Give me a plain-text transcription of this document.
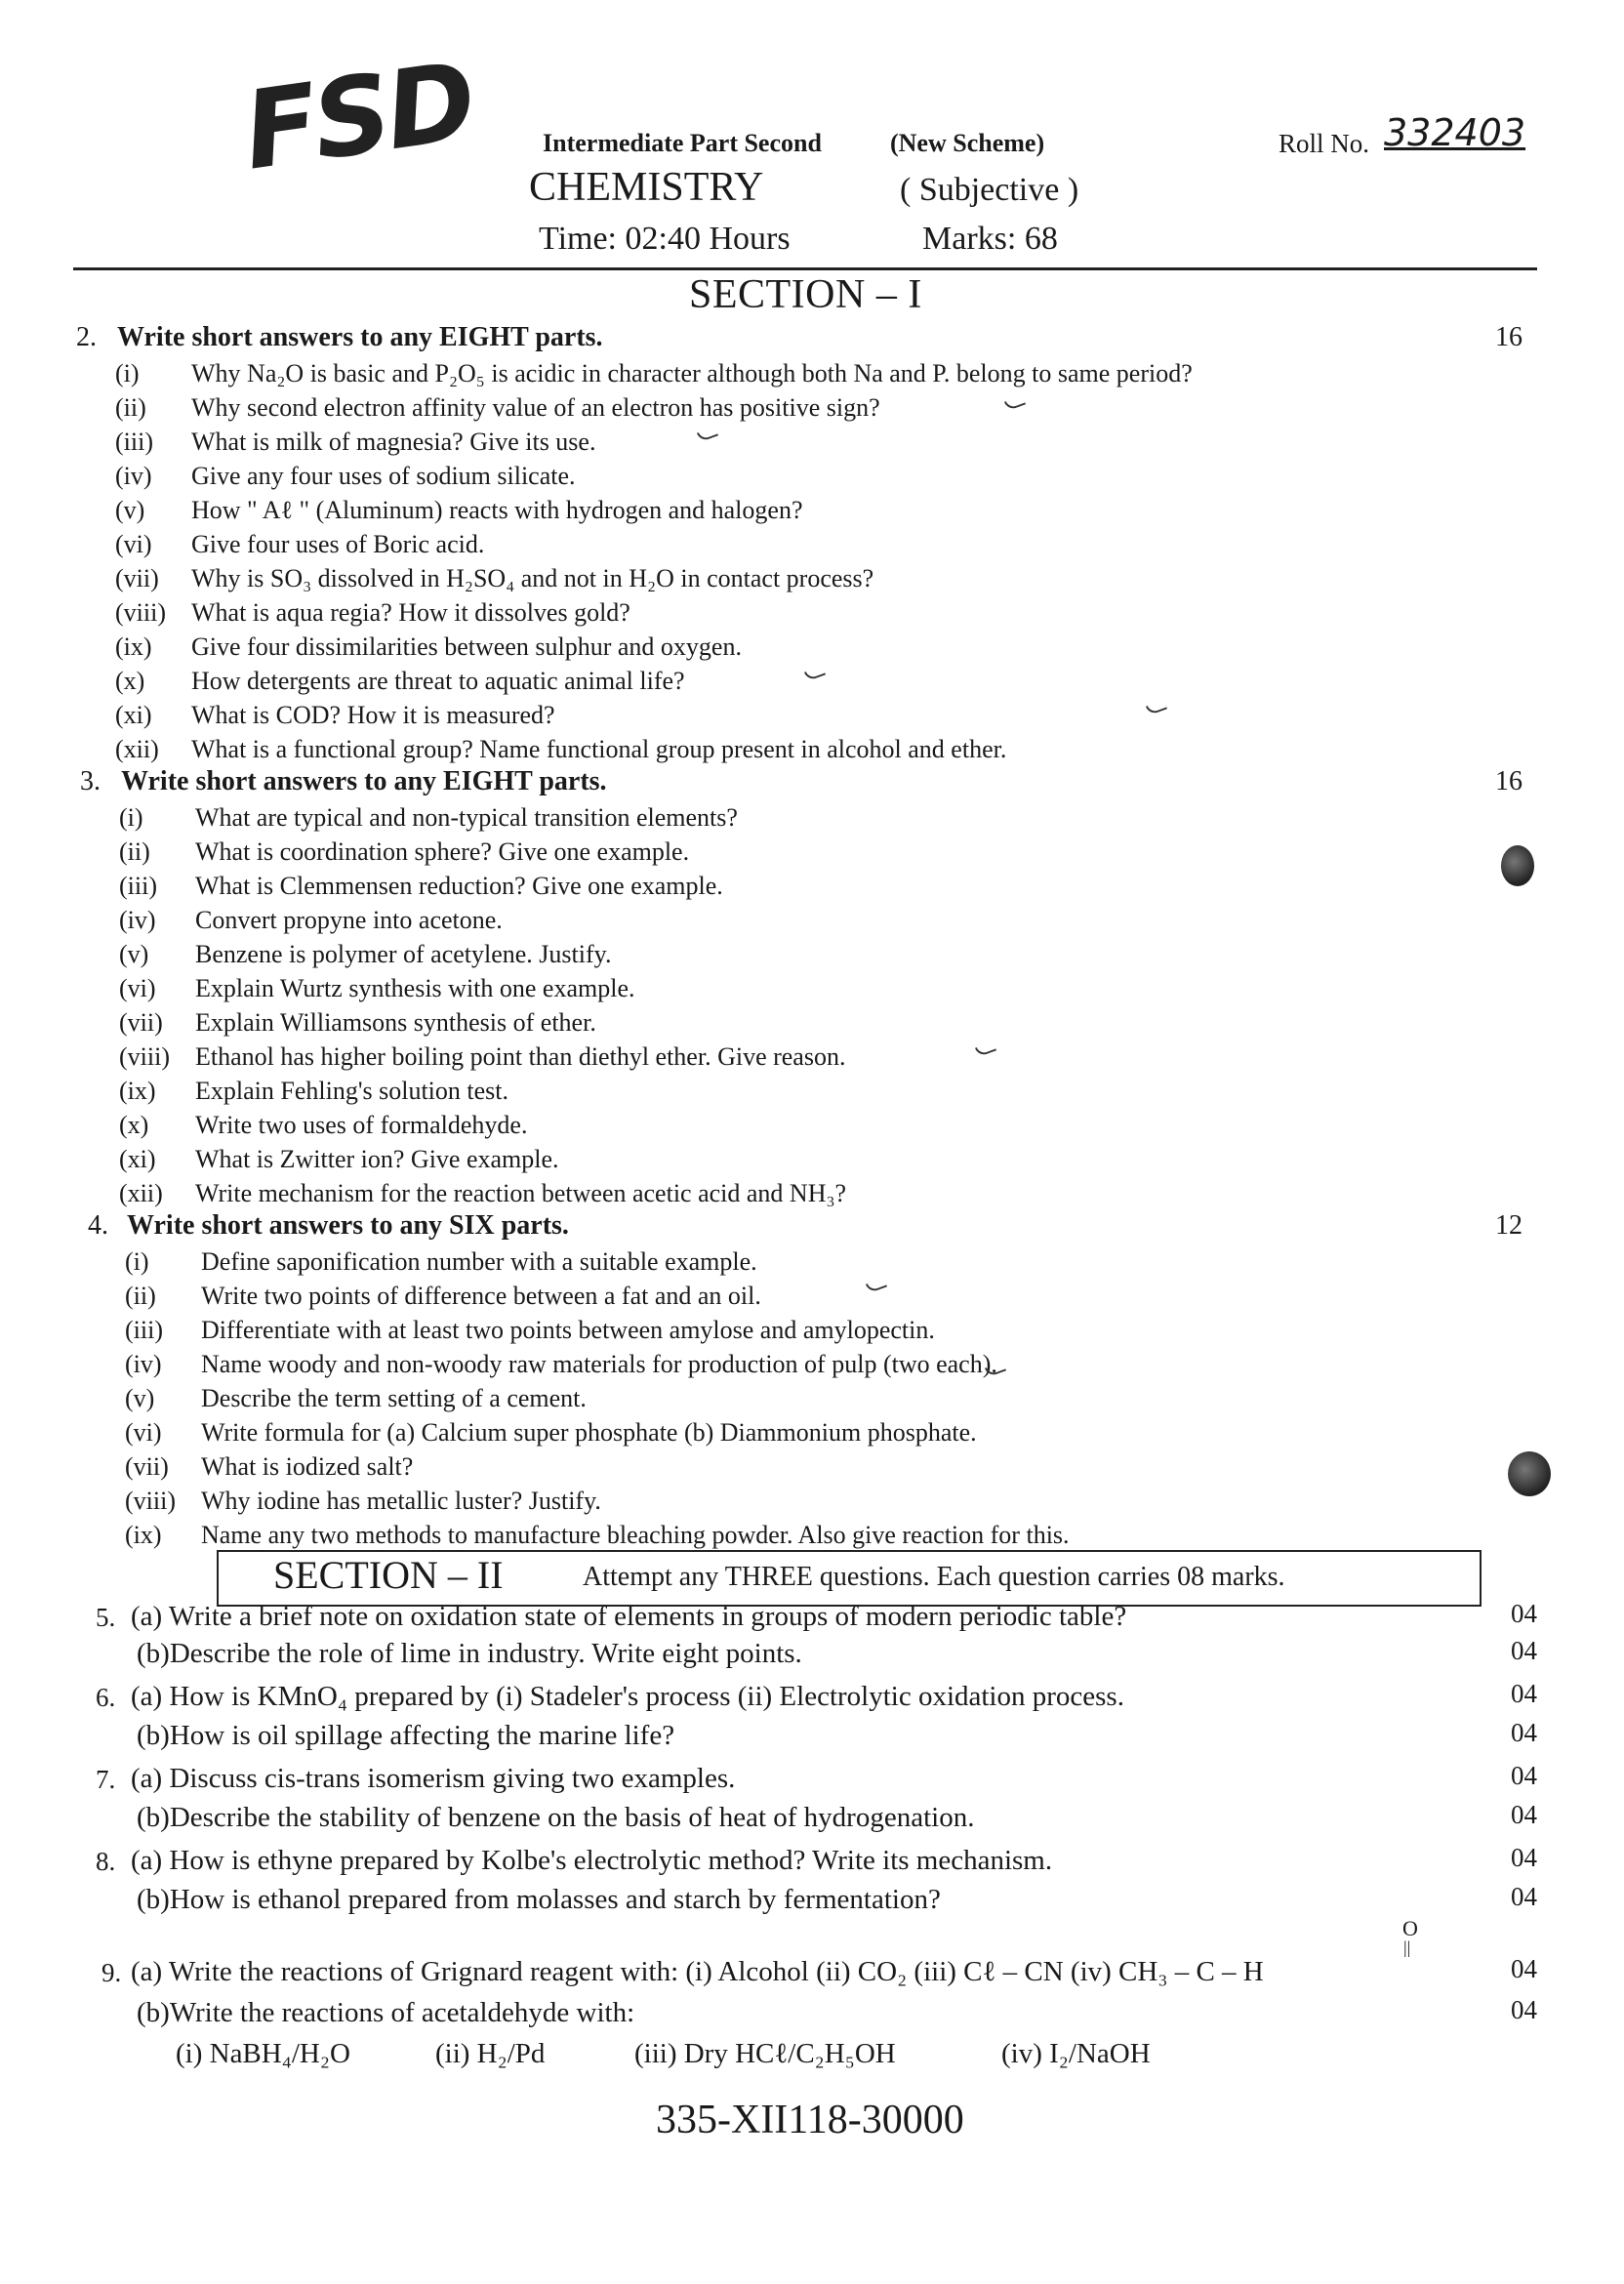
FSD Intermediate Part Second	(New Scheme)	Roll No. 332403
CHEMISTRY	( Subjective )
Time: 02:40 Hours	Marks: 68
SECTION – I
2. Write short answers to any EIGHT parts.	16
(i) Why Na₂O is basic and P₂O₅ is acidic in character although both Na and P. belong to same period?
(ii) Why second electron affinity value of an electron has positive sign?
(iii) What is milk of magnesia? Give its use.
(iv) Give any four uses of sodium silicate.
(v) How " Aℓ " (Aluminum) reacts with hydrogen and halogen?
(vi) Give four uses of Boric acid.
(vii) Why is SO₃ dissolved in H₂SO₄ and not in H₂O in contact process?
(viii) What is aqua regia? How it dissolves gold?
(ix) Give four dissimilarities between sulphur and oxygen.
(x) How detergents are threat to aquatic animal life?
(xi) What is COD? How it is measured?
(xii) What is a functional group? Name functional group present in alcohol and ether.
3. Write short answers to any EIGHT parts.	16
(i) What are typical and non-typical transition elements?
(ii) What is coordination sphere? Give one example.
(iii) What is Clemmensen reduction? Give one example.
(iv) Convert propyne into acetone.
(v) Benzene is polymer of acetylene. Justify.
(vi) Explain Wurtz synthesis with one example.
(vii) Explain Williamsons synthesis of ether.
(viii) Ethanol has higher boiling point than diethyl ether. Give reason.
(ix) Explain Fehling's solution test.
(x) Write two uses of formaldehyde.
(xi) What is Zwitter ion? Give example.
(xii) Write mechanism for the reaction between acetic acid and NH₃?
4. Write short answers to any SIX parts.	12
(i) Define saponification number with a suitable example.
(ii) Write two points of difference between a fat and an oil.
(iii) Differentiate with at least two points between amylose and amylopectin.
(iv) Name woody and non-woody raw materials for production of pulp (two each).
(v) Describe the term setting of a cement.
(vi) Write formula for (a) Calcium super phosphate (b) Diammonium phosphate.
(vii) What is iodized salt?
(viii) Why iodine has metallic luster? Justify.
(ix) Name any two methods to manufacture bleaching powder. Also give reaction for this.
SECTION – II	Attempt any THREE questions. Each question carries 08 marks.
5. (a) Write a brief note on oxidation state of elements in groups of modern periodic table?	04
(b)Describe the role of lime in industry. Write eight points.	04
6. (a) How is KMnO₄ prepared by (i) Stadeler's process (ii) Electrolytic oxidation process.	04
(b)How is oil spillage affecting the marine life?	04
7. (a) Discuss cis-trans isomerism giving two examples.	04
(b)Describe the stability of benzene on the basis of heat of hydrogenation.	04
8. (a) How is ethyne prepared by Kolbe's electrolytic method? Write its mechanism.	04
(b)How is ethanol prepared from molasses and starch by fermentation?	04
9. (a) Write the reactions of Grignard reagent with: (i) Alcohol (ii) CO₂ (iii) Cℓ – CN (iv) CH₃ – C – H	04
(b)Write the reactions of acetaldehyde with:	04
(i) NaBH₄/H₂O	(ii) H₂/Pd	(iii) Dry HCℓ/C₂H₅OH	(iv) I₂/NaOH
O
||
335-XII118-30000
